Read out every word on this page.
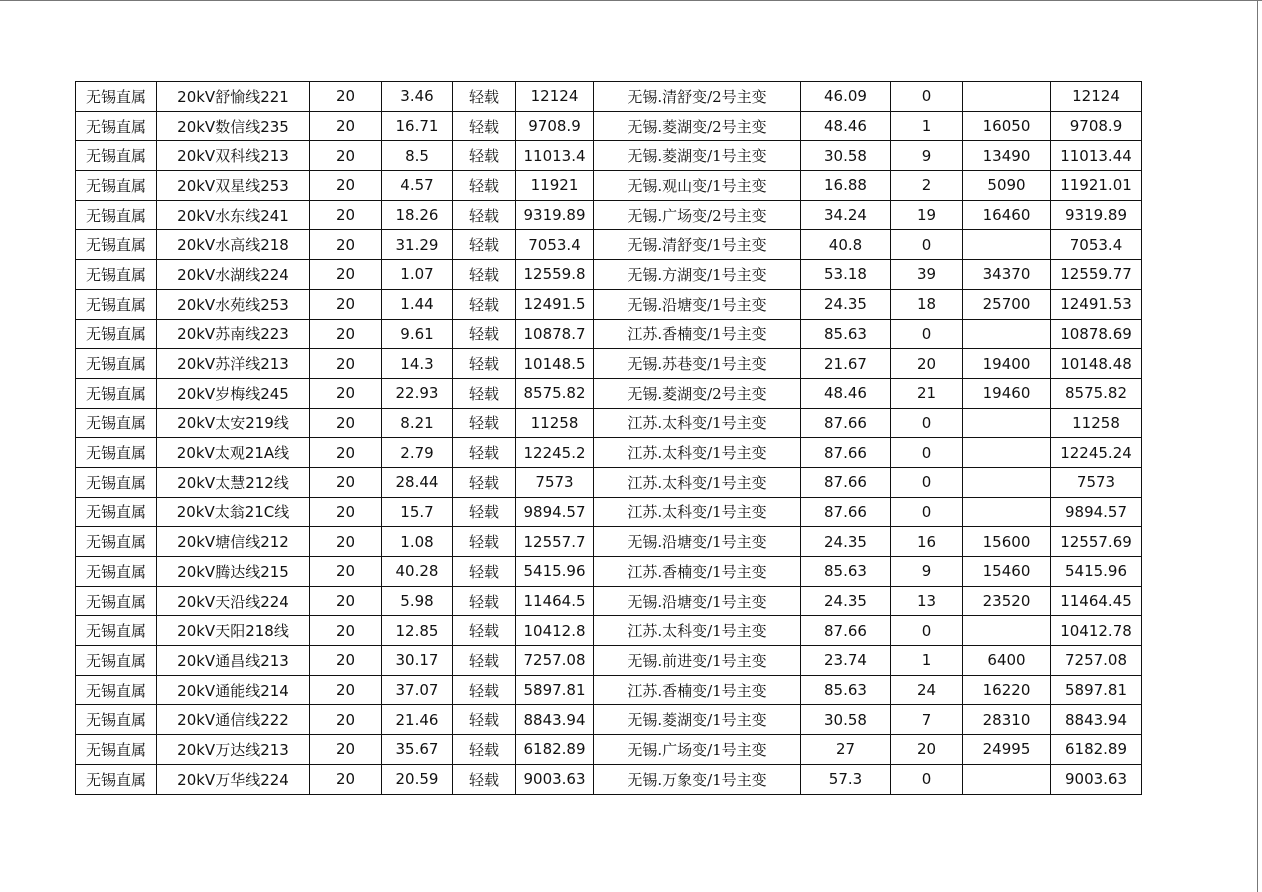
无锡直属	20kV舒愉线221	20	3.46	轻载	12124	无锡.清舒变/2号主变	46.09	0		12124
无锡直属	20kV数信线235	20	16.71	轻载	9708.9	无锡.菱湖变/2号主变	48.46	1	16050	9708.9
无锡直属	20kV双科线213	20	8.5	轻载	11013.4	无锡.菱湖变/1号主变	30.58	9	13490	11013.44
无锡直属	20kV双星线253	20	4.57	轻载	11921	无锡.观山变/1号主变	16.88	2	5090	11921.01
无锡直属	20kV水东线241	20	18.26	轻载	9319.89	无锡.广场变/2号主变	34.24	19	16460	9319.89
无锡直属	20kV水高线218	20	31.29	轻载	7053.4	无锡.清舒变/1号主变	40.8	0		7053.4
无锡直属	20kV水湖线224	20	1.07	轻载	12559.8	无锡.方湖变/1号主变	53.18	39	34370	12559.77
无锡直属	20kV水苑线253	20	1.44	轻载	12491.5	无锡.沿塘变/1号主变	24.35	18	25700	12491.53
无锡直属	20kV苏南线223	20	9.61	轻载	10878.7	江苏.香楠变/1号主变	85.63	0		10878.69
无锡直属	20kV苏洋线213	20	14.3	轻载	10148.5	无锡.苏巷变/1号主变	21.67	20	19400	10148.48
无锡直属	20kV岁梅线245	20	22.93	轻载	8575.82	无锡.菱湖变/2号主变	48.46	21	19460	8575.82
无锡直属	20kV太安219线	20	8.21	轻载	11258	江苏.太科变/1号主变	87.66	0		11258
无锡直属	20kV太观21A线	20	2.79	轻载	12245.2	江苏.太科变/1号主变	87.66	0		12245.24
无锡直属	20kV太慧212线	20	28.44	轻载	7573	江苏.太科变/1号主变	87.66	0		7573
无锡直属	20kV太翁21C线	20	15.7	轻载	9894.57	江苏.太科变/1号主变	87.66	0		9894.57
无锡直属	20kV塘信线212	20	1.08	轻载	12557.7	无锡.沿塘变/1号主变	24.35	16	15600	12557.69
无锡直属	20kV腾达线215	20	40.28	轻载	5415.96	江苏.香楠变/1号主变	85.63	9	15460	5415.96
无锡直属	20kV天沿线224	20	5.98	轻载	11464.5	无锡.沿塘变/1号主变	24.35	13	23520	11464.45
无锡直属	20kV天阳218线	20	12.85	轻载	10412.8	江苏.太科变/1号主变	87.66	0		10412.78
无锡直属	20kV通昌线213	20	30.17	轻载	7257.08	无锡.前进变/1号主变	23.74	1	6400	7257.08
无锡直属	20kV通能线214	20	37.07	轻载	5897.81	江苏.香楠变/1号主变	85.63	24	16220	5897.81
无锡直属	20kV通信线222	20	21.46	轻载	8843.94	无锡.菱湖变/1号主变	30.58	7	28310	8843.94
无锡直属	20kV万达线213	20	35.67	轻载	6182.89	无锡.广场变/1号主变	27	20	24995	6182.89
无锡直属	20kV万华线224	20	20.59	轻载	9003.63	无锡.万象变/1号主变	57.3	0		9003.63
